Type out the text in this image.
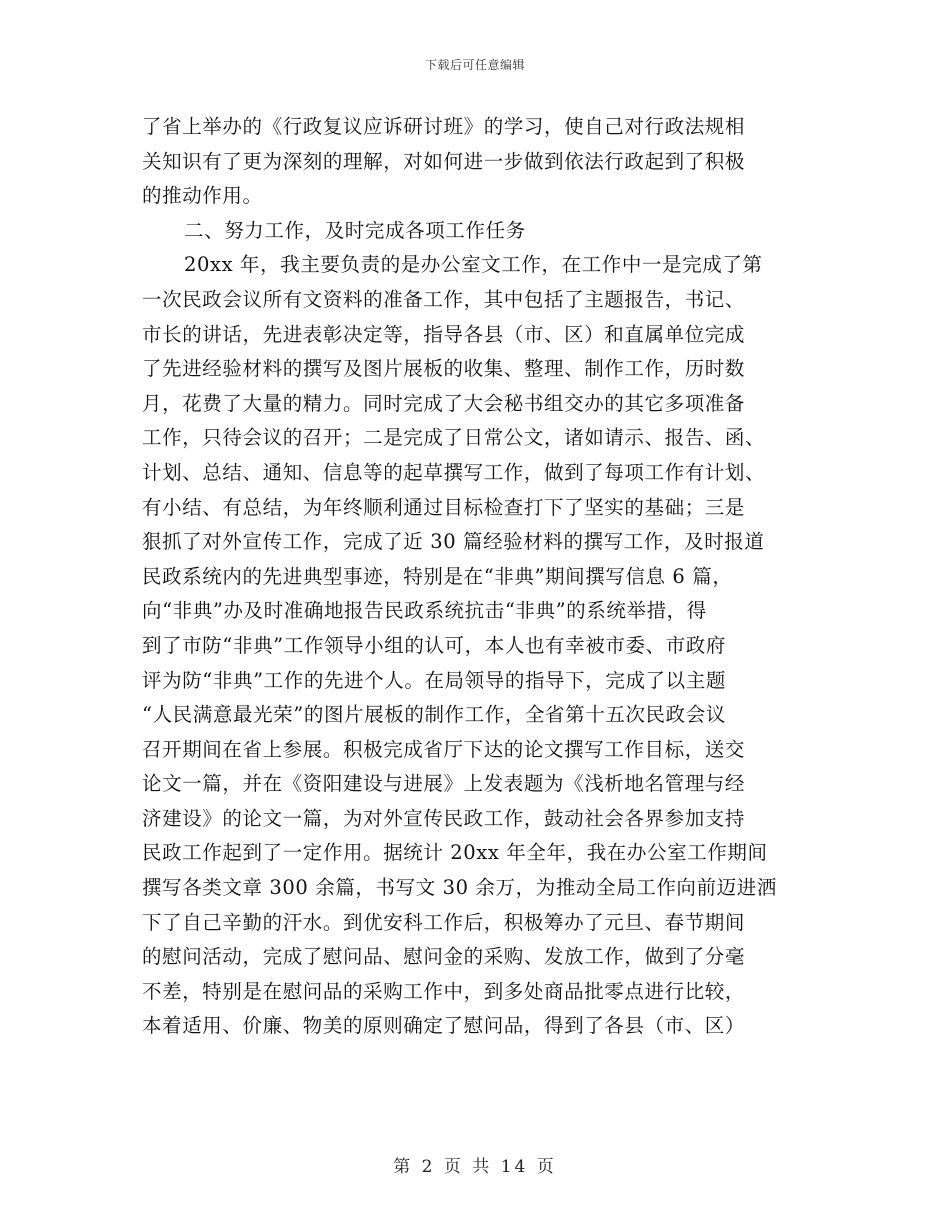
下载后可任意编辑
了省上举办的《行政复议应诉研讨班》的学习，使自己对行政法规相
关知识有了更为深刻的理解，对如何进一步做到依法行政起到了积极
的推动作用。
二、努力工作，及时完成各项工作任务
20xx 年，我主要负责的是办公室文工作，在工作中一是完成了第
一次民政会议所有文资料的准备工作，其中包括了主题报告，书记、
市长的讲话，先进表彰决定等，指导各县（市、区）和直属单位完成
了先进经验材料的撰写及图片展板的收集、整理、制作工作，历时数
月，花费了大量的精力。同时完成了大会秘书组交办的其它多项准备
工作，只待会议的召开；二是完成了日常公文，诸如请示、报告、函、
计划、总结、通知、信息等的起草撰写工作，做到了每项工作有计划、
有小结、有总结，为年终顺利通过目标检查打下了坚实的基础；三是
狠抓了对外宣传工作，完成了近 30 篇经验材料的撰写工作，及时报道
民政系统内的先进典型事迹，特别是在“非典”期间撰写信息 6 篇，
向“非典”办及时准确地报告民政系统抗击“非典”的系统举措，得
到了市防“非典”工作领导小组的认可，本人也有幸被市委、市政府
评为防“非典”工作的先进个人。在局领导的指导下，完成了以主题
“人民满意最光荣”的图片展板的制作工作，全省第十五次民政会议
召开期间在省上参展。积极完成省厅下达的论文撰写工作目标，送交
论文一篇，并在《资阳建设与进展》上发表题为《浅析地名管理与经
济建设》的论文一篇，为对外宣传民政工作，鼓动社会各界参加支持
民政工作起到了一定作用。据统计 20xx 年全年，我在办公室工作期间
撰写各类文章 300 余篇，书写文 30 余万，为推动全局工作向前迈进洒
下了自己辛勤的汗水。到优安科工作后，积极筹办了元旦、春节期间
的慰问活动，完成了慰问品、慰问金的采购、发放工作，做到了分毫
不差，特别是在慰问品的采购工作中，到多处商品批零点进行比较，
本着适用、价廉、物美的原则确定了慰问品，得到了各县（市、区）
第 2 页 共 14 页
